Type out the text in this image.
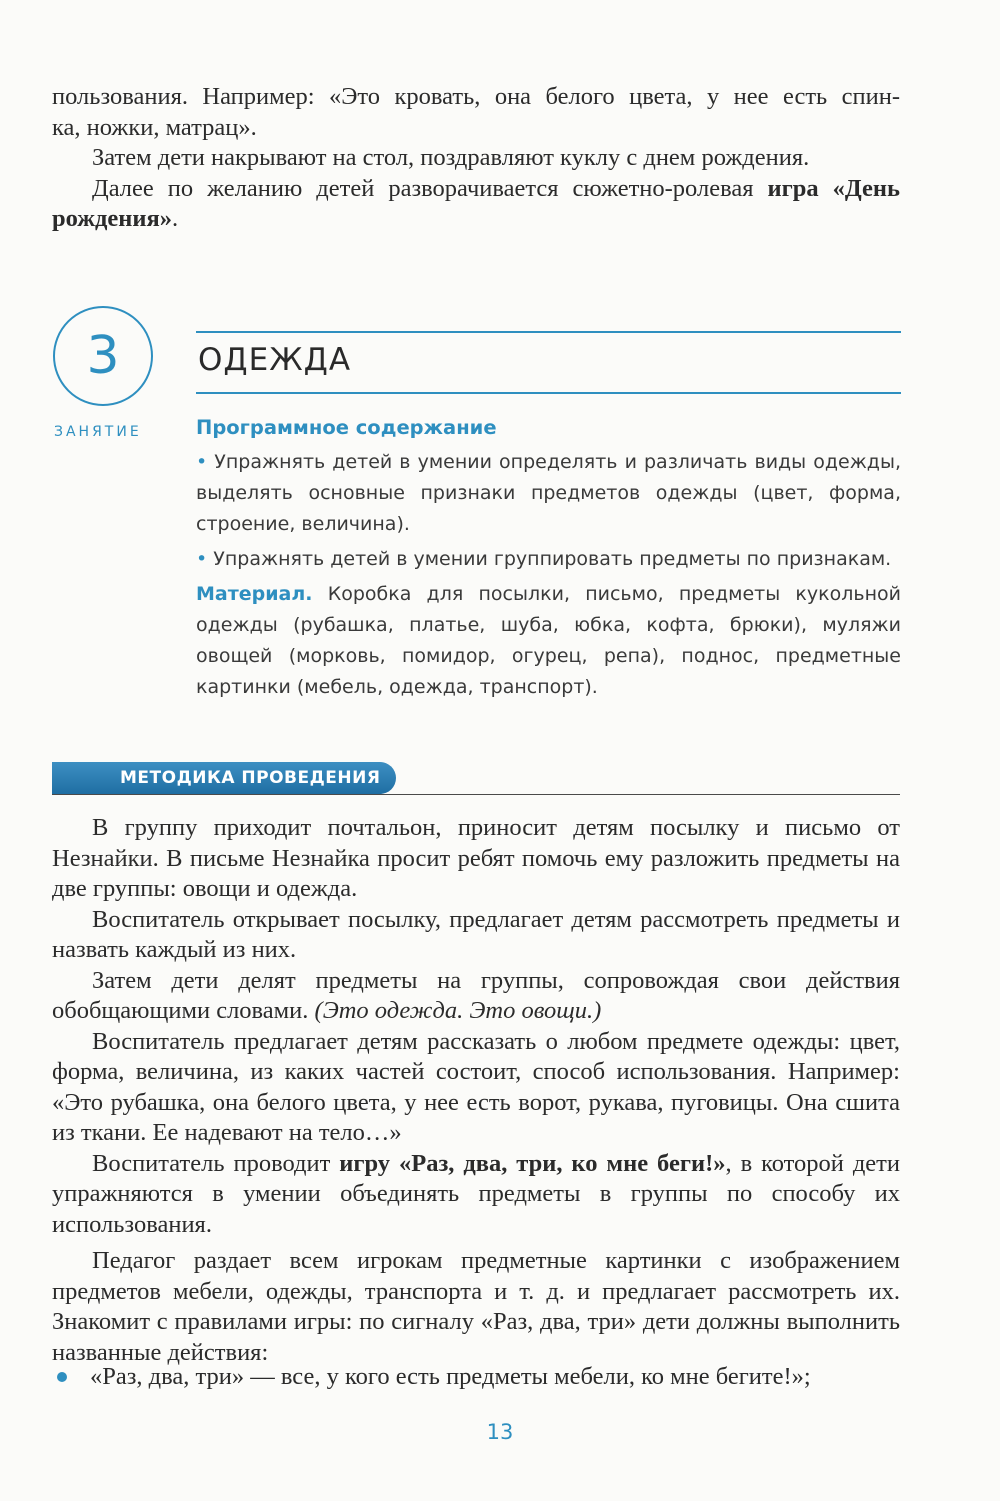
пользования. Например: «Это кровать, она белого цвета, у нее есть спин-

ка, ножки, матрац».

Затем дети накрывают на стол, поздравляют куклу с днем рождения.

Далее по желанию детей разворачивается сюжетно-ролевая игра «День рождения».

3
ЗАНЯТИЕ
ОДЕЖДА
Программное содержание

• Упражнять детей в умении определять и различать виды одежды, выделять основные признаки предметов одежды (цвет, форма, строение, величина).

• Упражнять детей в умении группировать предметы по признакам.

Материал. Коробка для посылки, письмо, предметы кукольной одежды (рубашка, платье, шуба, юбка, кофта, брюки), муляжи овощей (морковь, помидор, огурец, репа), поднос, предметные картинки (мебель, одежда, транспорт).

МЕТОДИКА ПРОВЕДЕНИЯ

В группу приходит почтальон, приносит детям посылку и письмо от Незнайки. В письме Незнайка просит ребят помочь ему разложить предметы на две группы: овощи и одежда.

Воспитатель открывает посылку, предлагает детям рассмотреть предметы и назвать каждый из них.

Затем дети делят предметы на группы, сопровождая свои действия обобщающими словами. (Это одежда. Это овощи.)

Воспитатель предлагает детям рассказать о любом предмете одежды: цвет, форма, величина, из каких частей состоит, способ использования. Например: «Это рубашка, она белого цвета, у нее есть ворот, рукава, пуговицы. Она сшита из ткани. Ее надевают на тело…»

Воспитатель проводит игру «Раз, два, три, ко мне беги!», в которой дети упражняются в умении объединять предметы в группы по способу их использования.

Педагог раздает всем игрокам предметные картинки с изображением предметов мебели, одежды, транспорта и т. д. и предлагает рассмотреть их. Знакомит с правилами игры: по сигналу «Раз, два, три» дети должны выполнить названные действия:

«Раз, два, три» — все, у кого есть предметы мебели, ко мне бегите!»;
13
